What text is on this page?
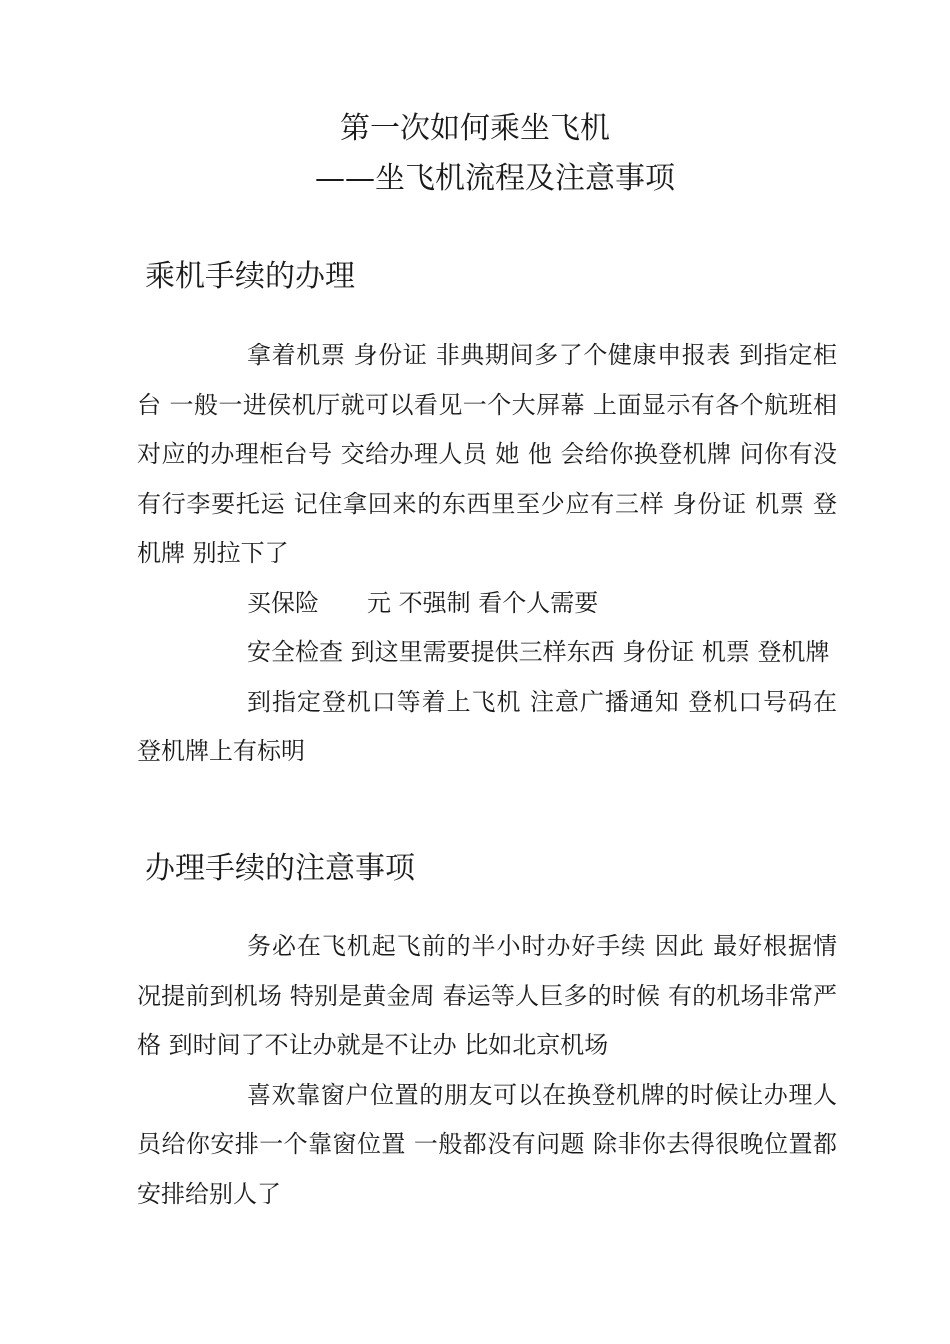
第一次如何乘坐飞机
——坐飞机流程及注意事项
乘机手续的办理

拿着机票 身份证 非典期间多了个健康申报表 到指定柜台 一般一进侯机厅就可以看见一个大屏幕 上面显示有各个航班相对应的办理柜台号 交给办理人员 她 他 会给你换登机牌 问你有没有行李要托运 记住拿回来的东西里至少应有三样 身份证 机票 登机牌 别拉下了

买保险　　元 不强制 看个人需要

安全检查 到这里需要提供三样东西 身份证 机票 登机牌

到指定登机口等着上飞机 注意广播通知 登机口号码在登机牌上有标明

办理手续的注意事项

务必在飞机起飞前的半小时办好手续 因此 最好根据情况提前到机场 特别是黄金周 春运等人巨多的时候 有的机场非常严格 到时间了不让办就是不让办 比如北京机场

喜欢靠窗户位置的朋友可以在换登机牌的时候让办理人员给你安排一个靠窗位置 一般都没有问题 除非你去得很晚位置都安排给别人了
